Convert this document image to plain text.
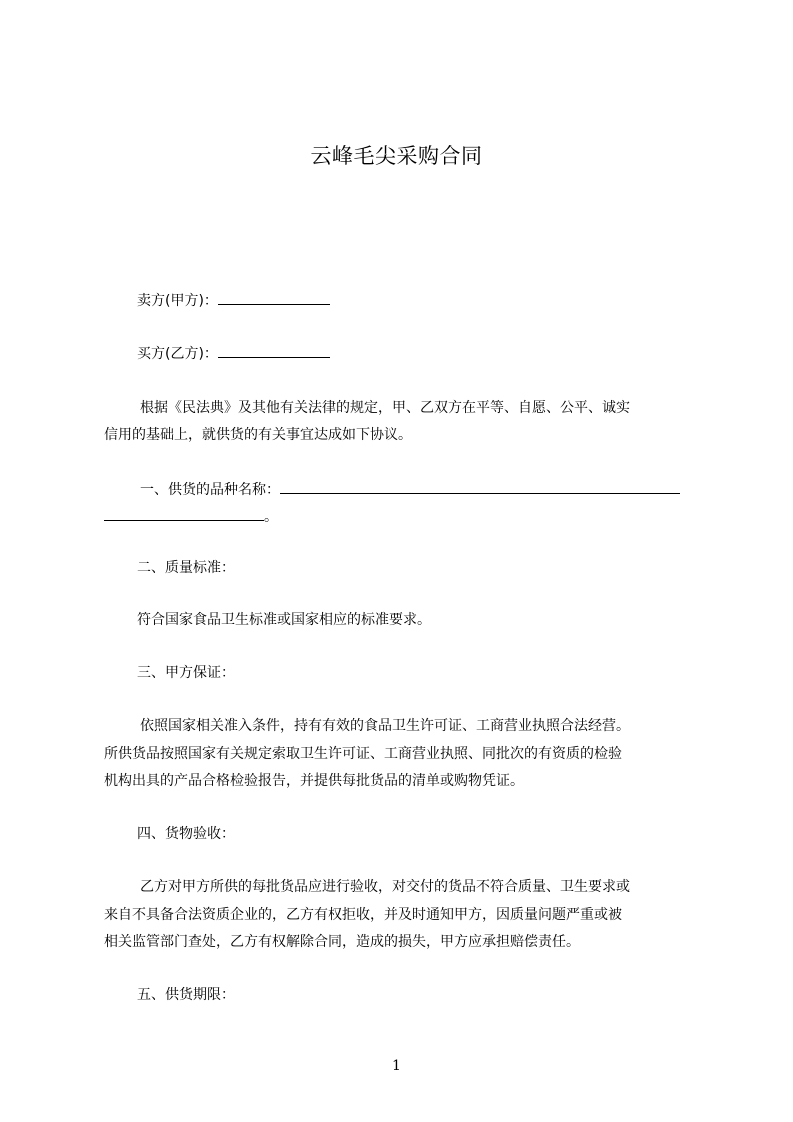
云峰毛尖采购合同
卖方(甲方)：
买方(乙方)：
根据《民法典》及其他有关法律的规定，甲、乙双方在平等、自愿、公平、诚实
信用的基础上，就供货的有关事宜达成如下协议。
一、供货的品种名称：
。
二、质量标准：
符合国家食品卫生标准或国家相应的标准要求。
三、甲方保证：
依照国家相关准入条件，持有有效的食品卫生许可证、工商营业执照合法经营。
所供货品按照国家有关规定索取卫生许可证、工商营业执照、同批次的有资质的检验
机构出具的产品合格检验报告，并提供每批货品的清单或购物凭证。
四、货物验收：
乙方对甲方所供的每批货品应进行验收，对交付的货品不符合质量、卫生要求或
来自不具备合法资质企业的，乙方有权拒收，并及时通知甲方，因质量问题严重或被
相关监管部门查处，乙方有权解除合同，造成的损失，甲方应承担赔偿责任。
五、供货期限：
1
